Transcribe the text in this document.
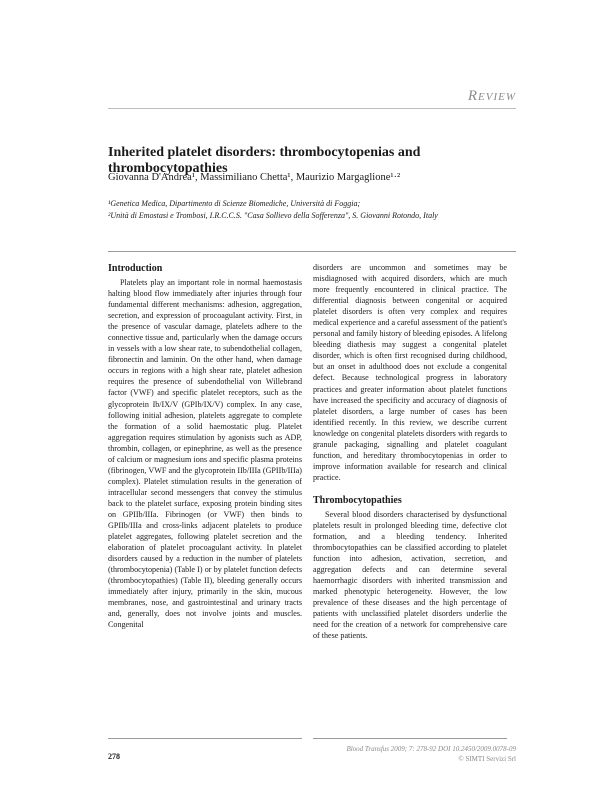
Review
Inherited platelet disorders: thrombocytopenias and thrombocytopathies
Giovanna D'Andrea¹, Massimiliano Chetta¹, Maurizio Margaglione¹·²

¹Genetica Medica, Dipartimento di Scienze Biomediche, Università di Foggia;

²Unità di Emostasi e Trombosi, I.R.C.C.S. "Casa Sollievo della Sofferenza", S. Giovanni Rotondo, Italy

Introduction

Platelets play an important role in normal haemostasis halting blood flow immediately after injuries through four fundamental different mechanisms: adhesion, aggregation, secretion, and expression of procoagulant activity. First, in the presence of vascular damage, platelets adhere to the connective tissue and, particularly when the damage occurs in vessels with a low shear rate, to subendothelial collagen, fibronectin and laminin. On the other hand, when damage occurs in regions with a high shear rate, platelet adhesion requires the presence of subendothelial von Willebrand factor (VWF) and specific platelet receptors, such as the glycoprotein Ib/IX/V (GPIb/IX/V) complex. In any case, following initial adhesion, platelets aggregate to complete the formation of a solid haemostatic plug. Platelet aggregation requires stimulation by agonists such as ADP, thrombin, collagen, or epinephrine, as well as the presence of calcium or magnesium ions and specific plasma proteins (fibrinogen, VWF and the glycoprotein IIb/IIIa (GPIIb/IIIa) complex). Platelet stimulation results in the generation of intracellular second messengers that convey the stimulus back to the platelet surface, exposing protein binding sites on GPIIb/IIIa. Fibrinogen (or VWF) then binds to GPIIb/IIIa and cross-links adjacent platelets to produce platelet aggregates, following platelet secretion and the elaboration of platelet procoagulant activity. In platelet disorders caused by a reduction in the number of platelets (thrombocytopenia) (Table I) or by platelet function defects (thrombocytopathies) (Table II), bleeding generally occurs immediately after injury, primarily in the skin, mucous membranes, nose, and gastrointestinal and urinary tracts and, generally, does not involve joints and muscles. Congenital

disorders are uncommon and sometimes may be misdiagnosed with acquired disorders, which are much more frequently encountered in clinical practice. The differential diagnosis between congenital or acquired platelet disorders is often very complex and requires medical experience and a careful assessment of the patient's personal and family history of bleeding episodes. A lifelong bleeding diathesis may suggest a congenital platelet disorder, which is often first recognised during childhood, but an onset in adulthood does not exclude a congenital defect. Because technological progress in laboratory practices and greater information about platelet functions have increased the specificity and accuracy of diagnosis of platelet disorders, a large number of cases has been identified recently. In this review, we describe current knowledge on congenital platelets disorders with regards to granule packaging, signalling and platelet coagulant function, and hereditary thrombocytopenias in order to improve information available for research and clinical practice.

Thrombocytopathies

Several blood disorders characterised by dysfunctional platelets result in prolonged bleeding time, defective clot formation, and a bleeding tendency. Inherited thrombocytopathies can be classified according to platelet function into adhesion, activation, secretion, and aggregation defects and can determine several haemorrhagic disorders with inherited transmission and marked phenotypic heterogeneity. However, the low prevalence of these diseases and the high percentage of patients with unclassified platelet disorders underlie the need for the creation of a network for comprehensive care of these patients.

278
Blood Transfus 2009; 7: 278-92 DOI 10.2450/2009.0078-09
© SIMTI Servizi Srl
